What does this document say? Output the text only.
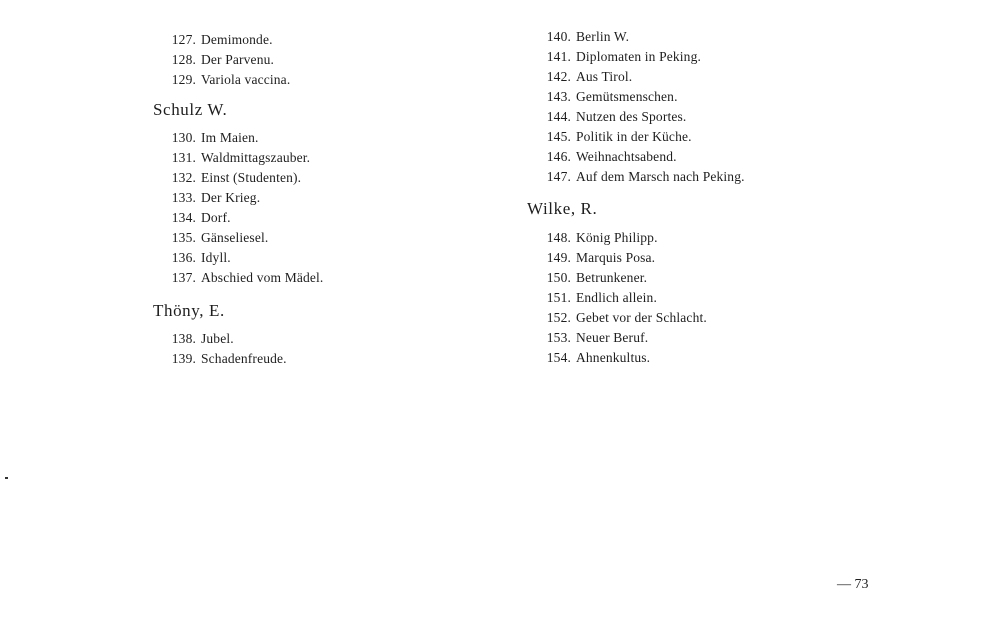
127. Demimonde.
128. Der Parvenu.
129. Variola vaccina.
Schulz W.
130. Im Maien.
131. Waldmittagszauber.
132. Einst (Studenten).
133. Der Krieg.
134. Dorf.
135. Gänseliesel.
136. Idyll.
137. Abschied vom Mädel.
Thöny, E.
138. Jubel.
139. Schadenfreude.
140. Berlin W.
141. Diplomaten in Peking.
142. Aus Tirol.
143. Gemütsmenschen.
144. Nutzen des Sportes.
145. Politik in der Küche.
146. Weihnachtsabend.
147. Auf dem Marsch nach Peking.
Wilke, R.
148. König Philipp.
149. Marquis Posa.
150. Betrunkener.
151. Endlich allein.
152. Gebet vor der Schlacht.
153. Neuer Beruf.
154. Ahnenkultus.
— 73
